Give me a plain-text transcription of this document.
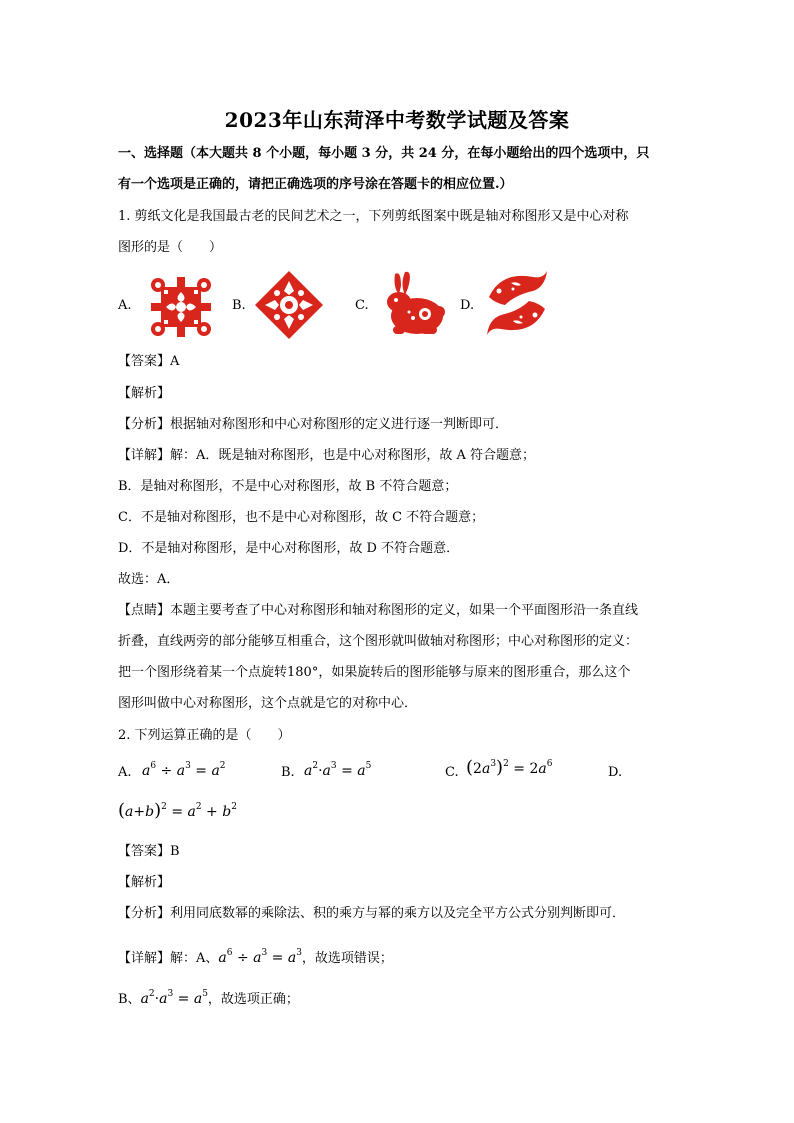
2023年山东菏泽中考数学试题及答案
一、选择题（本大题共 8 个小题，每小题 3 分，共 24 分，在每小题给出的四个选项中，只
有一个选项是正确的，请把正确选项的序号涂在答题卡的相应位置.）
1. 剪纸文化是我国最古老的民间艺术之一，下列剪纸图案中既是轴对称图形又是中心对称
图形的是（　　）
A.	B.	C.	D.
【答案】A
【解析】
【分析】根据轴对称图形和中心对称图形的定义进行逐一判断即可．
【详解】解：A．既是轴对称图形，也是中心对称图形，故 A 符合题意；
B．是轴对称图形，不是中心对称图形，故 B 不符合题意；
C．不是轴对称图形，也不是中心对称图形，故 C 不符合题意；
D．不是轴对称图形，是中心对称图形，故 D 不符合题意．
故选：A．
【点睛】本题主要考查了中心对称图形和轴对称图形的定义，如果一个平面图形沿一条直线
折叠，直线两旁的部分能够互相重合，这个图形就叫做轴对称图形；中心对称图形的定义：
把一个图形绕着某一个点旋转180°，如果旋转后的图形能够与原来的图形重合，那么这个
图形叫做中心对称图形，这个点就是它的对称中心．
2. 下列运算正确的是（　　）
A. $a^6 \div a^3 = a^2$	B. $a^2\cdot a^3 = a^5$	C. $(2a^3)^2 = 2a^6$
D.
$(a+b)^2 = a^2 + b^2$
【答案】B
【解析】
【分析】利用同底数幂的乘除法、积的乘方与幂的乘方以及完全平方公式分别判断即可．
【详解】解：A、$a^6 \div a^3 = a^3$，故选项错误；
B、$a^2\cdot a^3 = a^5$，故选项正确；
